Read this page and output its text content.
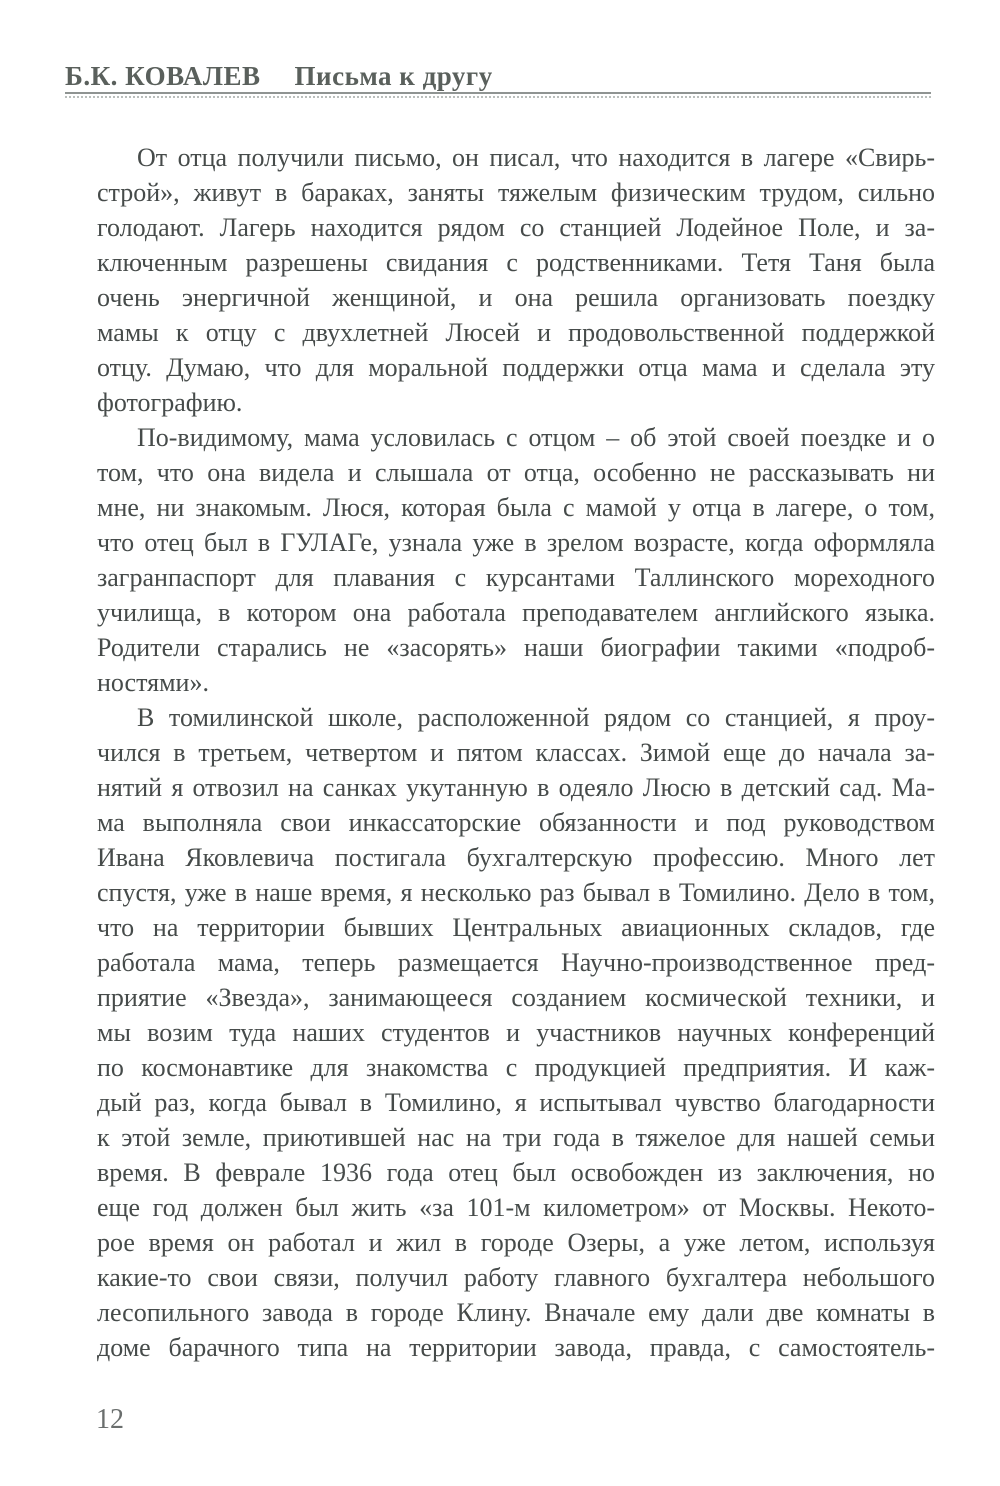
Б.К. КОВАЛЕВ Письма к другу
От отца получили письмо, он писал, что находится в лагере «Свирь-
строй», живут в бараках, заняты тяжелым физическим трудом, сильно
голодают. Лагерь находится рядом со станцией Лодейное Поле, и за-
ключенным разрешены свидания с родственниками. Тетя Таня была
очень энергичной женщиной, и она решила организовать поездку
мамы к отцу с двухлетней Люсей и продовольственной поддержкой
отцу. Думаю, что для моральной поддержки отца мама и сделала эту
фотографию.
По-видимому, мама условилась с отцом – об этой своей поездке и о
том, что она видела и слышала от отца, особенно не рассказывать ни
мне, ни знакомым. Люся, которая была с мамой у отца в лагере, о том,
что отец был в ГУЛАГе, узнала уже в зрелом возрасте, когда оформляла
загранпаспорт для плавания с курсантами Таллинского мореходного
училища, в котором она работала преподавателем английского языка.
Родители старались не «засорять» наши биографии такими «подроб-
ностями».
В томилинской школе, расположенной рядом со станцией, я проу-
чился в третьем, четвертом и пятом классах. Зимой еще до начала за-
нятий я отвозил на санках укутанную в одеяло Люсю в детский сад. Ма-
ма выполняла свои инкассаторские обязанности и под руководством
Ивана Яковлевича постигала бухгалтерскую профессию. Много лет
спустя, уже в наше время, я несколько раз бывал в Томилино. Дело в том,
что на территории бывших Центральных авиационных складов, где
работала мама, теперь размещается Научно-производственное пред-
приятие «Звезда», занимающееся созданием космической техники, и
мы возим туда наших студентов и участников научных конференций
по космонавтике для знакомства с продукцией предприятия. И каж-
дый раз, когда бывал в Томилино, я испытывал чувство благодарности
к этой земле, приютившей нас на три года в тяжелое для нашей семьи
время. В феврале 1936 года отец был освобожден из заключения, но
еще год должен был жить «за 101-м километром» от Москвы. Некото-
рое время он работал и жил в городе Озеры, а уже летом, используя
какие-то свои связи, получил работу главного бухгалтера небольшого
лесопильного завода в городе Клину. Вначале ему дали две комнаты в
доме барачного типа на территории завода, правда, с самостоятель-
12
